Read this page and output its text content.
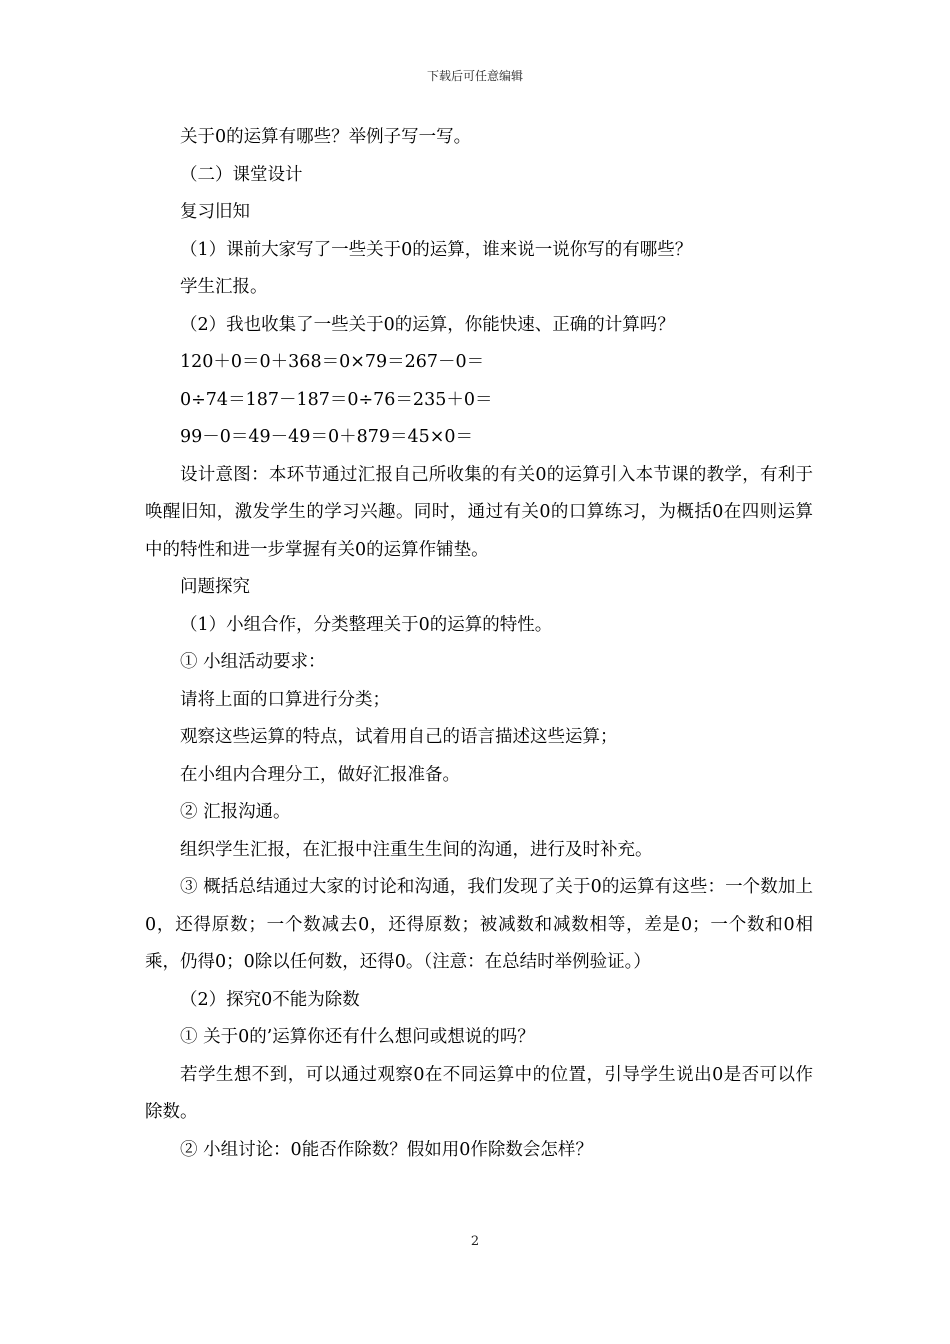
下载后可任意编辑

关于0的运算有哪些？举例子写一写。

（二）课堂设计

复习旧知

（1）课前大家写了一些关于0的运算，谁来说一说你写的有哪些？

学生汇报。

（2）我也收集了一些关于0的运算，你能快速、正确的计算吗？

120＋0＝0＋368＝0×79＝267－0＝

0÷74＝187－187＝0÷76＝235＋0＝

99－0＝49－49＝0＋879＝45×0＝

设计意图：本环节通过汇报自己所收集的有关0的运算引入本节课的教学，有利于唤醒旧知，激发学生的学习兴趣。同时，通过有关0的口算练习，为概括0在四则运算中的特性和进一步掌握有关0的运算作铺垫。

问题探究

（1）小组合作，分类整理关于0的运算的特性。

① 小组活动要求：

请将上面的口算进行分类；

观察这些运算的特点，试着用自己的语言描述这些运算；

在小组内合理分工，做好汇报准备。

② 汇报沟通。

组织学生汇报，在汇报中注重生生间的沟通，进行及时补充。

③ 概括总结通过大家的讨论和沟通，我们发现了关于0的运算有这些：一个数加上0，还得原数；一个数减去0，还得原数；被减数和减数相等，差是0；一个数和0相乘，仍得0；0除以任何数，还得0。（注意：在总结时举例验证。）

（2）探究0不能为除数

① 关于0的’运算你还有什么想问或想说的吗？

若学生想不到，可以通过观察0在不同运算中的位置，引导学生说出0是否可以作除数。

② 小组讨论：0能否作除数？假如用0作除数会怎样？

2
